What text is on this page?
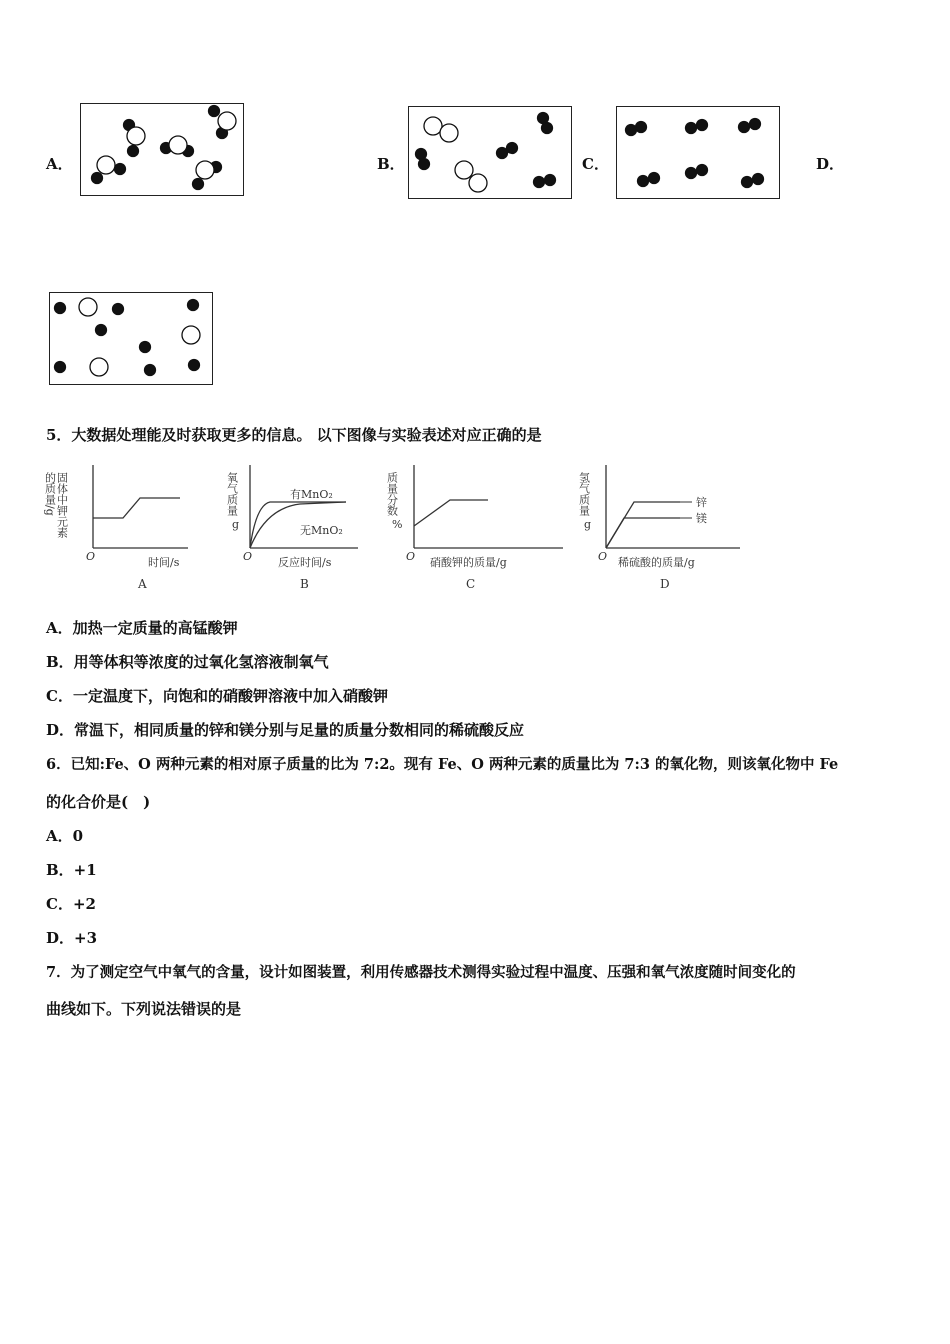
A．	B．	C．	D．
5．大数据处理能及时获取更多的信息。 以下图像与实验表述对应正确的是
固体中钾元素
的质量/g
O	时间/s
A
氧气质量
g
有MnO₂
无MnO₂
O 反应时间/s
B
质量分数
%
O 硝酸钾的质量/g
C
氢气质量
g
锌
镁
O 稀硫酸的质量/g
D
A．加热一定质量的高锰酸钾
B．用等体积等浓度的过氧化氢溶液制氧气
C．一定温度下，向饱和的硝酸钾溶液中加入硝酸钾
D．常温下，相同质量的锌和镁分别与足量的质量分数相同的稀硫酸反应
6．已知:Fe、O 两种元素的相对原子质量的比为 7:2。现有 Fe、O 两种元素的质量比为 7:3 的氧化物，则该氧化物中 Fe
的化合价是(　)
A．0
B．+1
C．+2
D．+3
7．为了测定空气中氧气的含量，设计如图装置，利用传感器技术测得实验过程中温度、压强和氧气浓度随时间变化的
曲线如下。下列说法错误的是
